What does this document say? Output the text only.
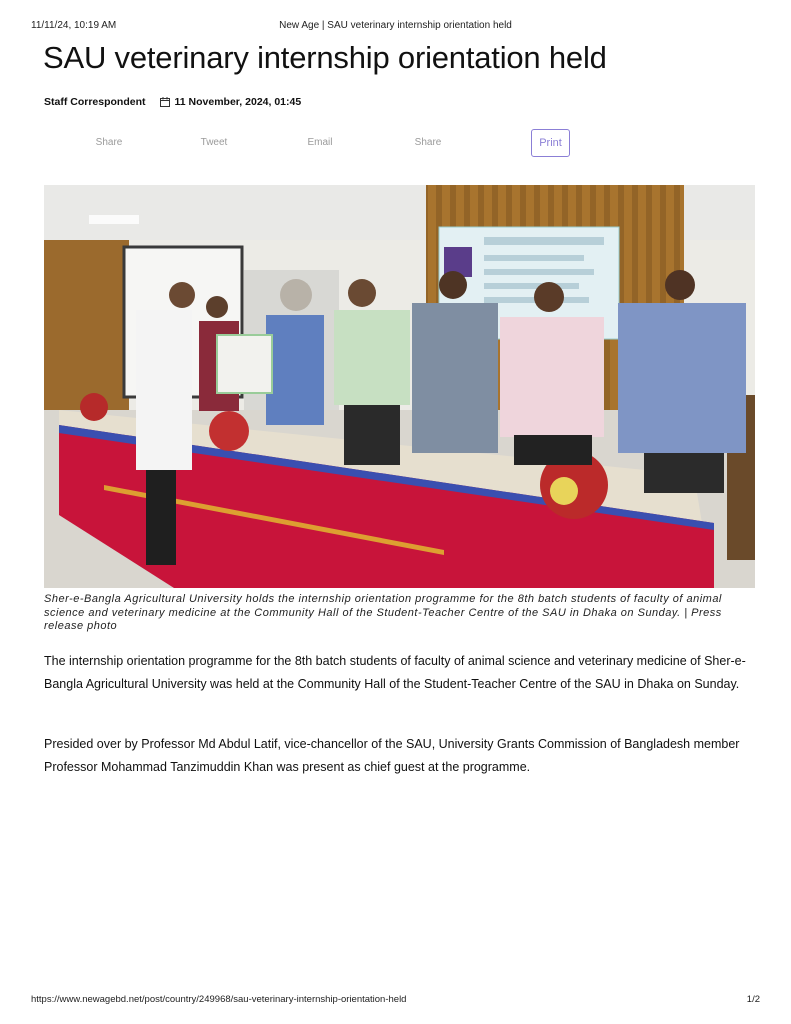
11/11/24, 10:19 AM	New Age | SAU veterinary internship orientation held
SAU veterinary internship orientation held
Staff Correspondent	11 November, 2024, 01:45
Share	Tweet	Email	Share	Print

Sher-e-Bangla Agricultural University holds the internship orientation programme for the 8th batch students of faculty of animal science and veterinary medicine at the Community Hall of the Student-Teacher Centre of the SAU in Dhaka on Sunday. | Press release photo

The internship orientation programme for the 8th batch students of faculty of animal science and veterinary medicine of Sher-e-Bangla Agricultural University was held at the Community Hall of the Student-Teacher Centre of the SAU in Dhaka on Sunday.

Presided over by Professor Md Abdul Latif, vice-chancellor of the SAU, University Grants Commission of Bangladesh member Professor Mohammad Tanzimuddin Khan was present as chief guest at the programme.

https://www.newagebd.net/post/country/249968/sau-veterinary-internship-orientation-held	1/2
